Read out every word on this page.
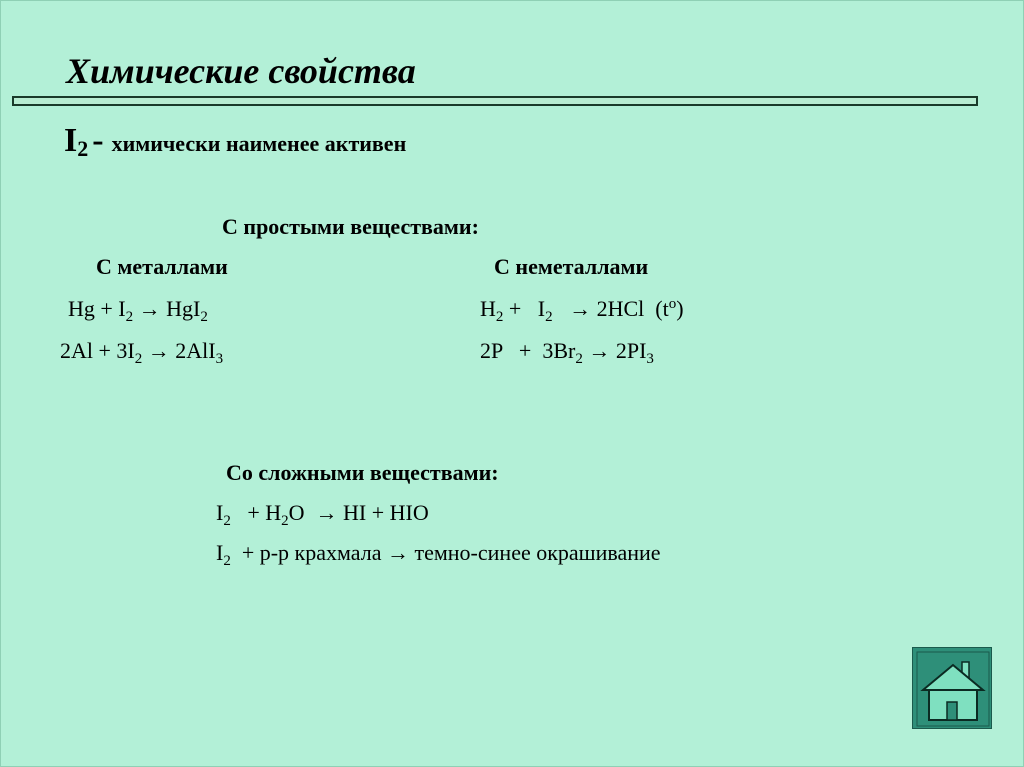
Химические свойства
$I_2$ - химически наименее активен
С простыми веществами:
С металлами	С неметаллами
$Hg + I_2 \to HgI_2$
$2Al + 3I_2 \to 2AlI_3$
$H_2 + I_2 \to 2HCl$  $(t^o)$
$2P + 3Br_2 \to 2PI_3$
Со сложными веществами:
$I_2 + H_2O$  → HI + HIO
$I_2 + р-р$ крахмала → темно-синее окрашивание
